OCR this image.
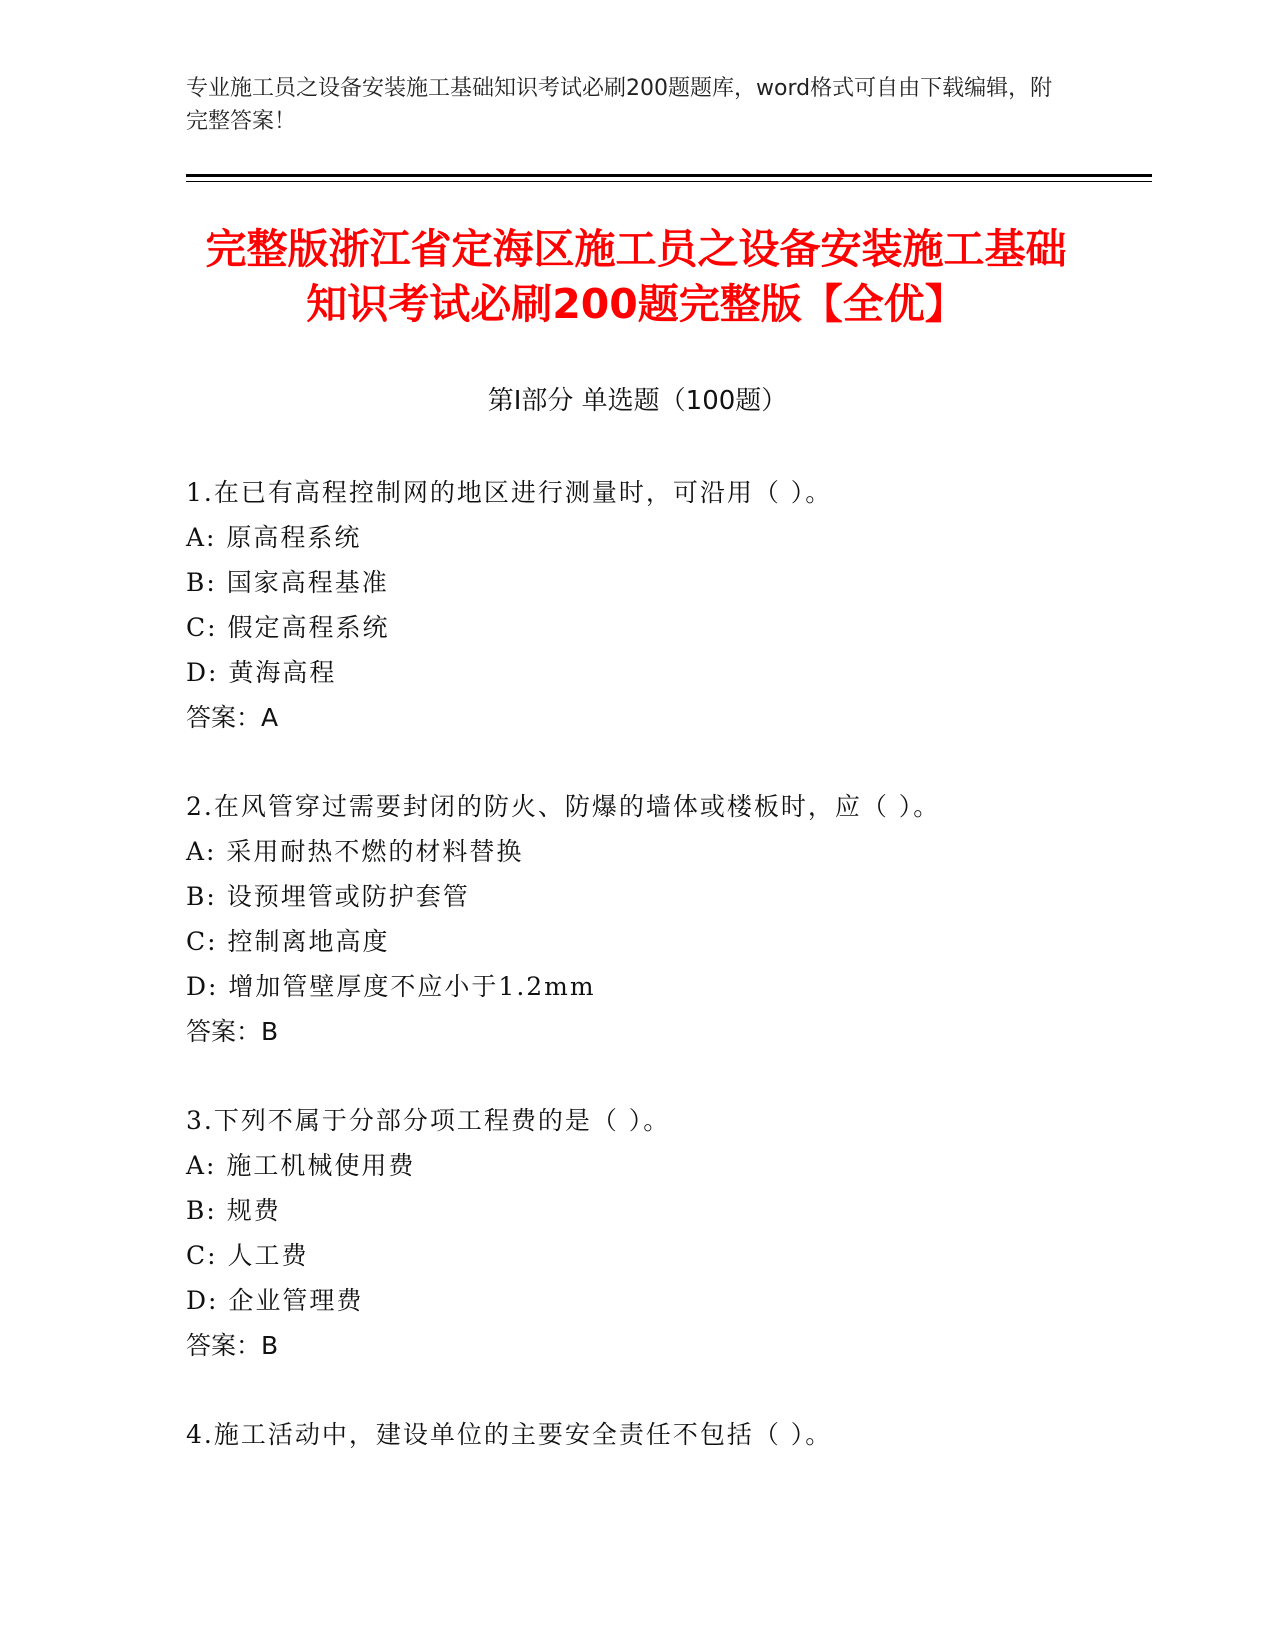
专业施工员之设备安装施工基础知识考试必刷200题题库，word格式可自由下载编辑，附完整答案！
完整版浙江省定海区施工员之设备安装施工基础知识考试必刷200题完整版【全优】
第Ⅰ部分 单选题（100题）
1.在已有高程控制网的地区进行测量时，可沿用（ ）。
A: 原高程系统
B: 国家高程基准
C: 假定高程系统
D: 黄海高程
答案：A
2.在风管穿过需要封闭的防火、防爆的墙体或楼板时，应（ ）。
A: 采用耐热不燃的材料替换
B: 设预埋管或防护套管
C: 控制离地高度
D: 增加管壁厚度不应小于1.2mm
答案：B
3.下列不属于分部分项工程费的是（ ）。
A: 施工机械使用费
B: 规费
C: 人工费
D: 企业管理费
答案：B
4.施工活动中，建设单位的主要安全责任不包括（ ）。
